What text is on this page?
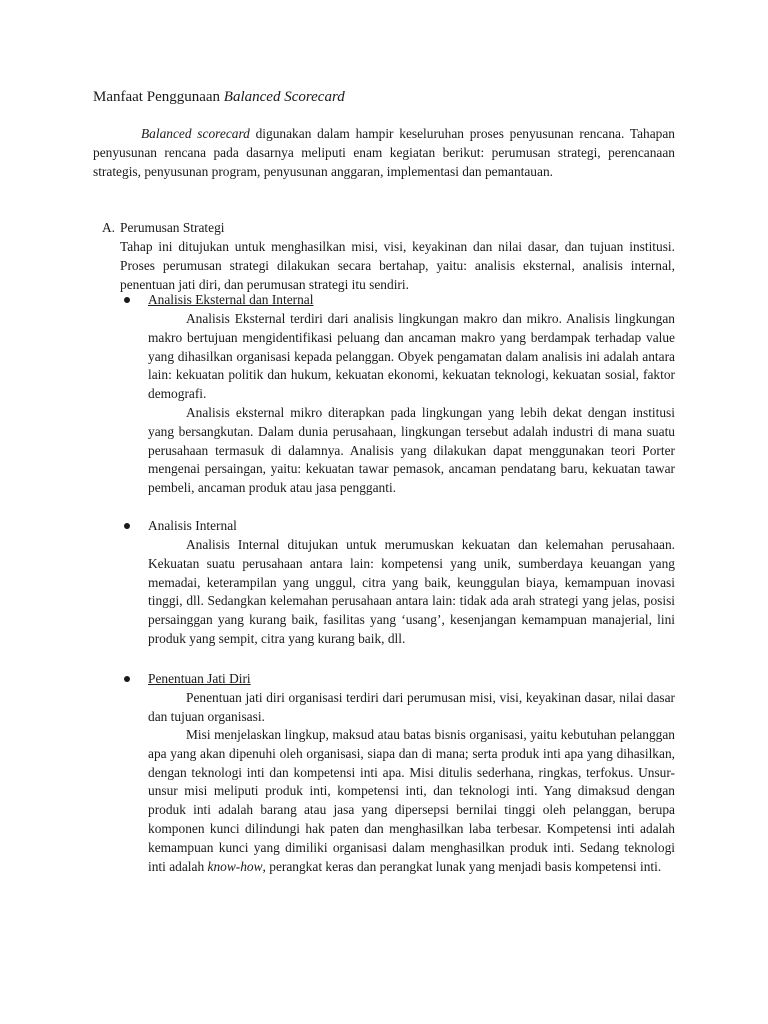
Manfaat Penggunaan Balanced Scorecard

Balanced scorecard digunakan dalam hampir keseluruhan proses penyusunan rencana. Tahapan penyusunan rencana pada dasarnya meliputi enam kegiatan berikut: perumusan strategi, perencanaan strategis, penyusunan program, penyusunan anggaran, implementasi dan pemantauan.

A. Perumusan Strategi

Tahap ini ditujukan untuk menghasilkan misi, visi, keyakinan dan nilai dasar, dan tujuan institusi. Proses perumusan strategi dilakukan secara bertahap, yaitu: analisis eksternal, analisis internal, penentuan jati diri, dan perumusan strategi itu sendiri.

Analisis Eksternal dan Internal

Analisis Eksternal terdiri dari analisis lingkungan makro dan mikro. Analisis lingkungan makro bertujuan mengidentifikasi peluang dan ancaman makro yang berdampak terhadap value yang dihasilkan organisasi kepada pelanggan. Obyek pengamatan dalam analisis ini adalah antara lain: kekuatan politik dan hukum, kekuatan ekonomi, kekuatan teknologi, kekuatan sosial, faktor demografi.

Analisis eksternal mikro diterapkan pada lingkungan yang lebih dekat dengan institusi yang bersangkutan. Dalam dunia perusahaan, lingkungan tersebut adalah industri di mana suatu perusahaan termasuk di dalamnya. Analisis yang dilakukan dapat menggunakan teori Porter mengenai persaingan, yaitu: kekuatan tawar pemasok, ancaman pendatang baru, kekuatan tawar pembeli, ancaman produk atau jasa pengganti.

Analisis Internal

Analisis Internal ditujukan untuk merumuskan kekuatan dan kelemahan perusahaan. Kekuatan suatu perusahaan antara lain: kompetensi yang unik, sumberdaya keuangan yang memadai, keterampilan yang unggul, citra yang baik, keunggulan biaya, kemampuan inovasi tinggi, dll. Sedangkan kelemahan perusahaan antara lain: tidak ada arah strategi yang jelas, posisi persainggan yang kurang baik, fasilitas yang ‘usang’, kesenjangan kemampuan manajerial, lini produk yang sempit, citra yang kurang baik, dll.

Penentuan Jati Diri

Penentuan jati diri organisasi terdiri dari perumusan misi, visi, keyakinan dasar, nilai dasar dan tujuan organisasi.

Misi menjelaskan lingkup, maksud atau batas bisnis organisasi, yaitu kebutuhan pelanggan apa yang akan dipenuhi oleh organisasi, siapa dan di mana; serta produk inti apa yang dihasilkan, dengan teknologi inti dan kompetensi inti apa. Misi ditulis sederhana, ringkas, terfokus. Unsur-unsur misi meliputi produk inti, kompetensi inti, dan teknologi inti. Yang dimaksud dengan produk inti adalah barang atau jasa yang dipersepsi bernilai tinggi oleh pelanggan, berupa komponen kunci dilindungi hak paten dan menghasilkan laba terbesar. Kompetensi inti adalah kemampuan kunci yang dimiliki organisasi dalam menghasilkan produk inti. Sedang teknologi inti adalah know-how, perangkat keras dan perangkat lunak yang menjadi basis kompetensi inti.
